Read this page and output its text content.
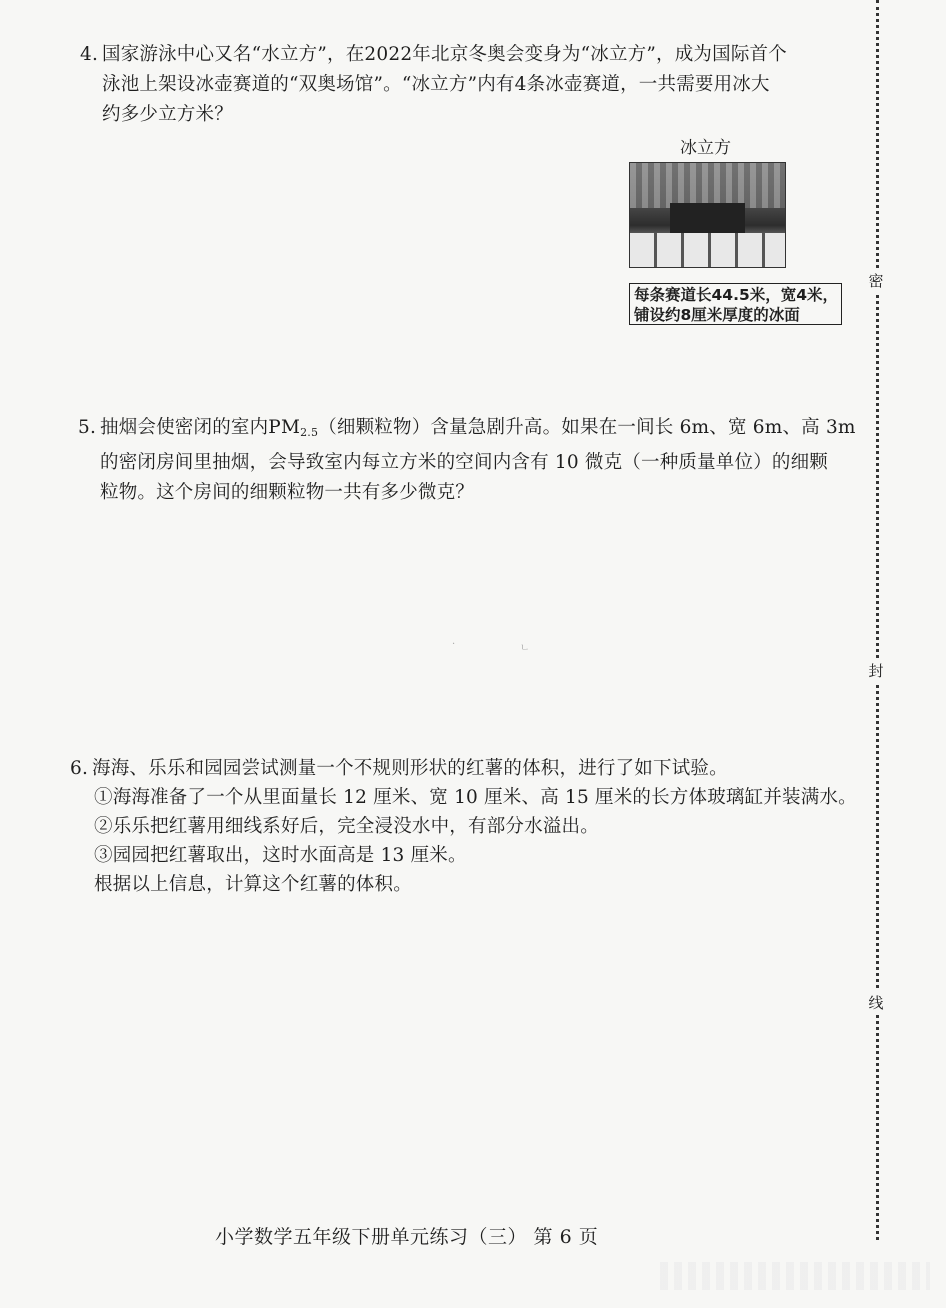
4. 国家游泳中心又名“水立方”，在2022年北京冬奥会变身为“冰立方”，成为国际首个

泳池上架设冰壶赛道的“双奥场馆”。“冰立方”内有4条冰壶赛道，一共需要用冰大

约多少立方米？

冰立方
每条赛道长44.5米，宽4米，
铺设约8厘米厚度的冰面

5. 抽烟会使密闭的室内$PM_{2.5}$（细颗粒物）含量急剧升高。如果在一间长 6m、宽 6m、高 3m

的密闭房间里抽烟，会导致室内每立方米的空间内含有 10 微克（一种质量单位）的细颗

粒物。这个房间的细颗粒物一共有多少微克？

·	ㄴ

6. 海海、乐乐和园园尝试测量一个不规则形状的红薯的体积，进行了如下试验。

①海海准备了一个从里面量长 12 厘米、宽 10 厘米、高 15 厘米的长方体玻璃缸并装满水。

②乐乐把红薯用细线系好后，完全浸没水中，有部分水溢出。

③园园把红薯取出，这时水面高是 13 厘米。

根据以上信息，计算这个红薯的体积。

密
封
线
小学数学五年级下册单元练习（三） 第 6 页
